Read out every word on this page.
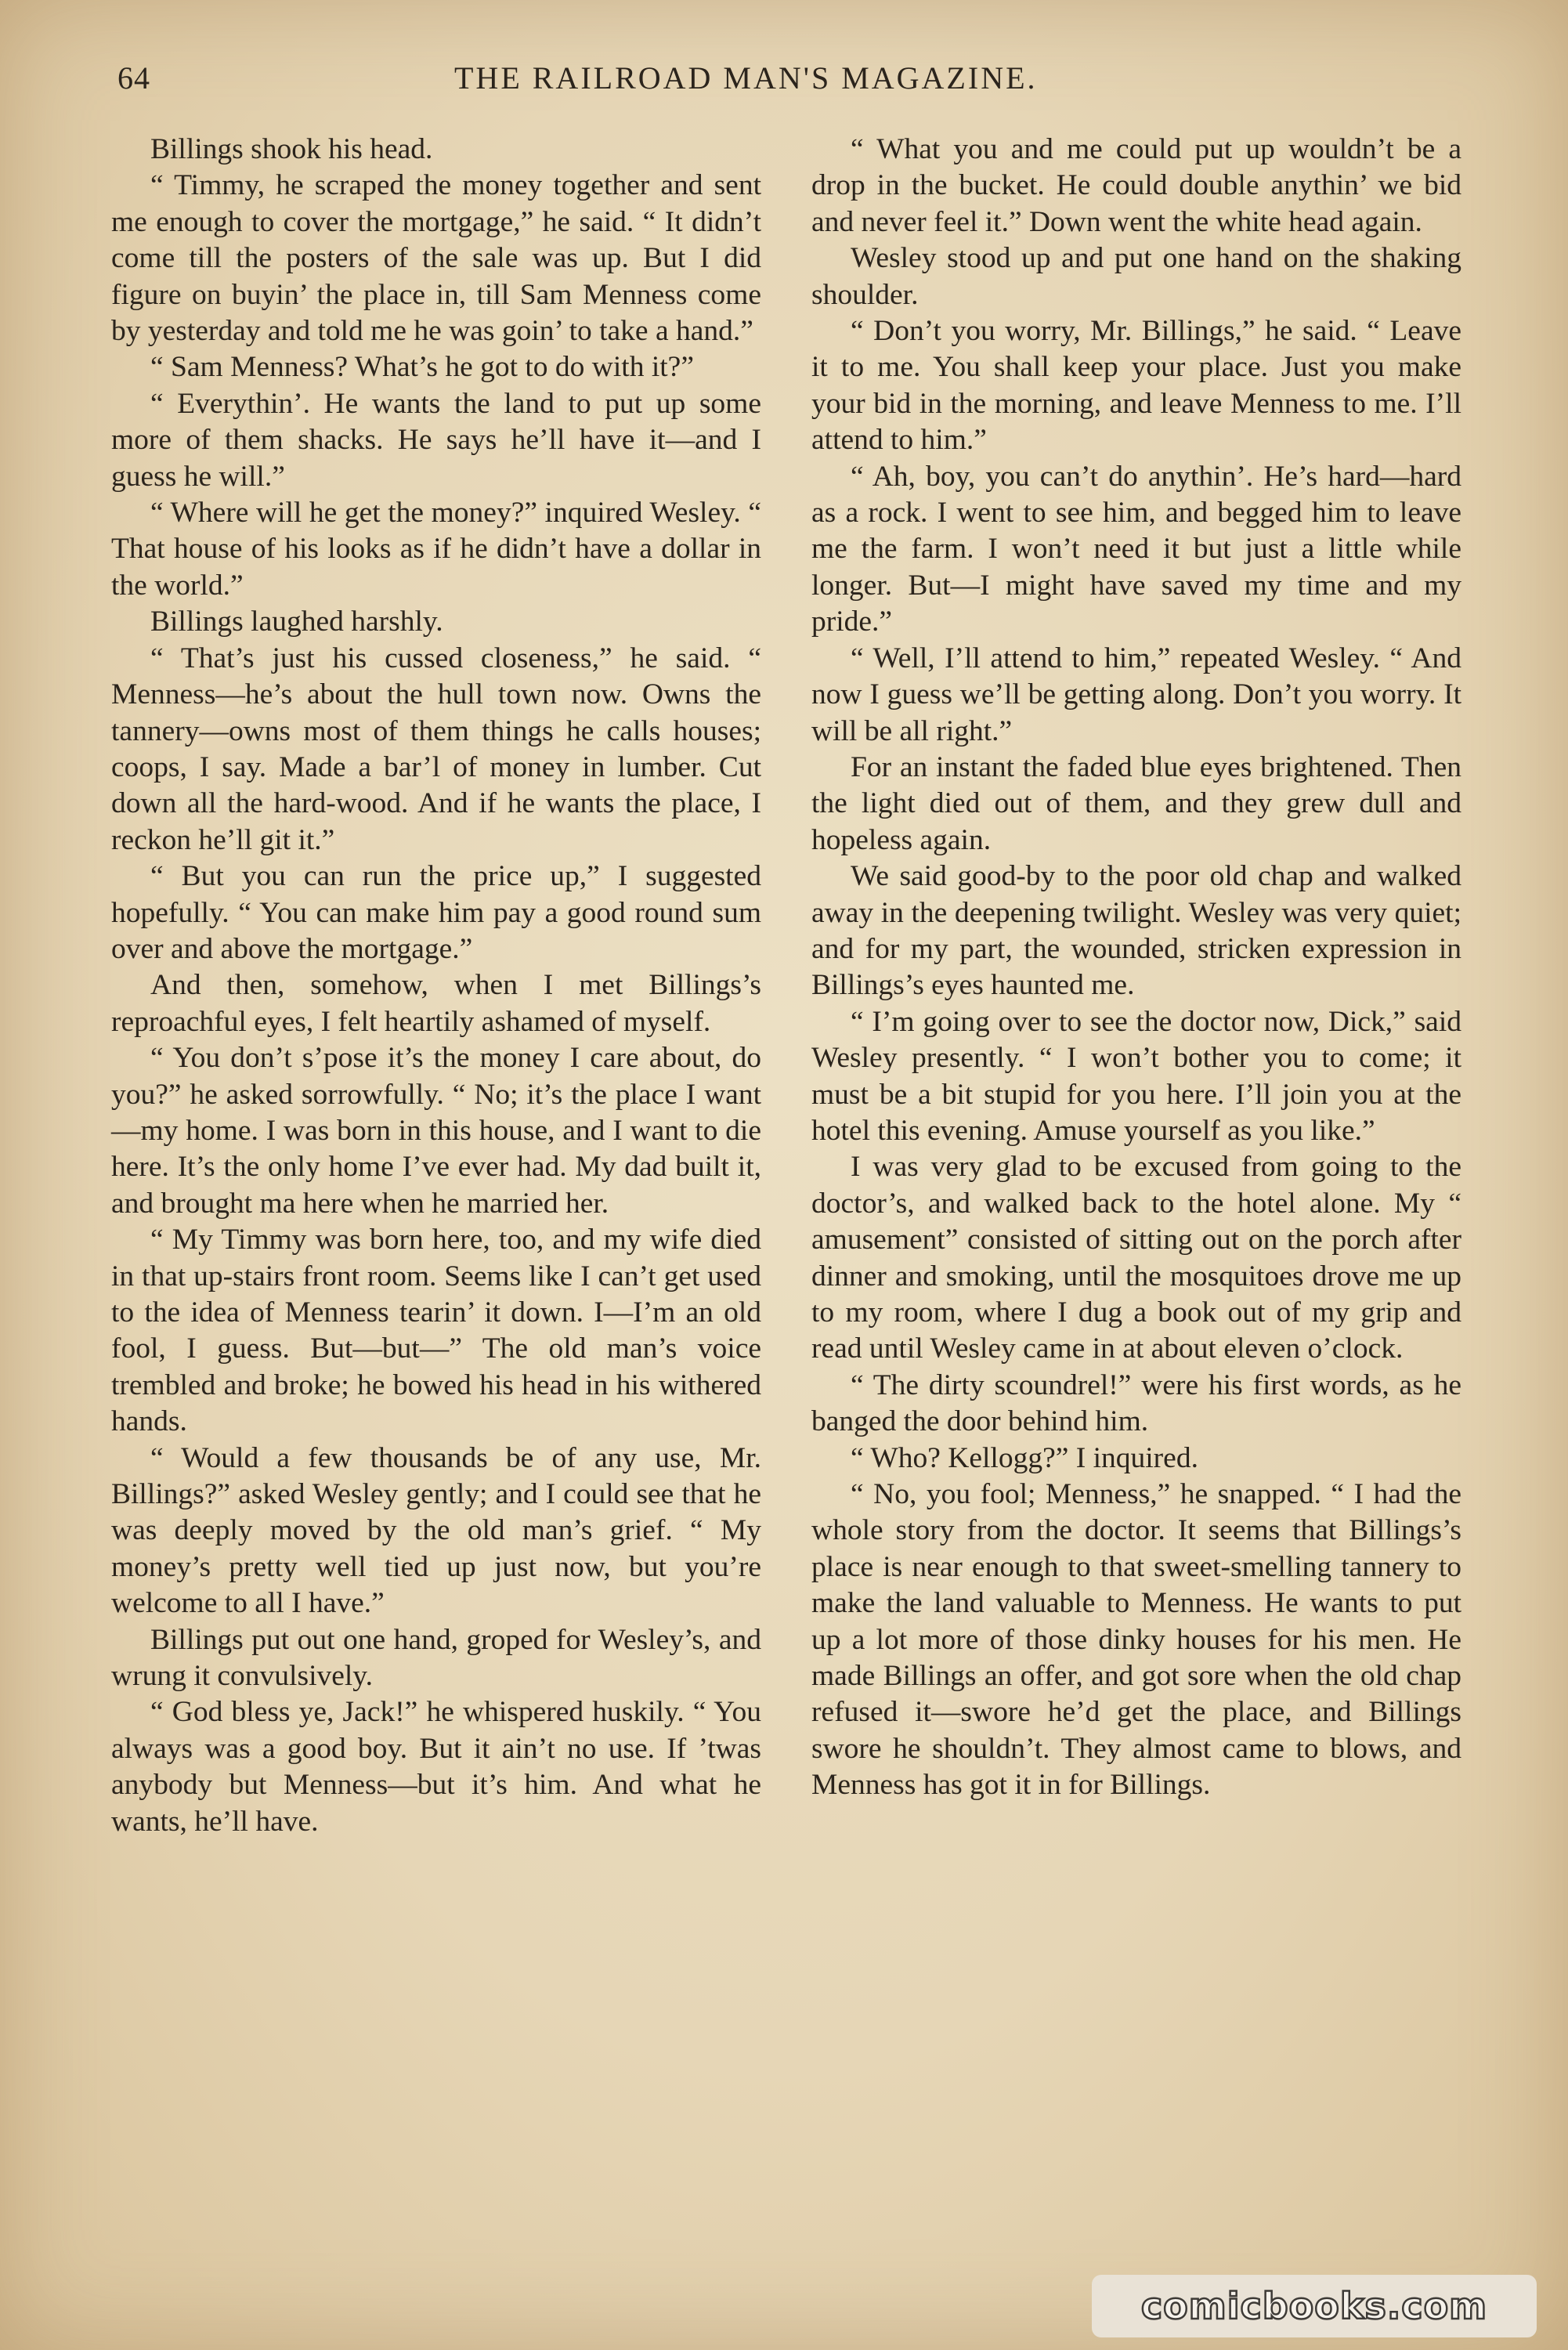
64	THE RAILROAD MAN'S MAGAZINE.

Billings shook his head.

“ Timmy, he scraped the money together and sent me enough to cover the mortgage,” he said. “ It didn’t come till the posters of the sale was up. But I did figure on buyin’ the place in, till Sam Menness come by yesterday and told me he was goin’ to take a hand.”

“ Sam Menness? What’s he got to do with it?”

“ Everythin’. He wants the land to put up some more of them shacks. He says he’ll have it—and I guess he will.”

“ Where will he get the money?” inquired Wesley. “ That house of his looks as if he didn’t have a dollar in the world.”

Billings laughed harshly.

“ That’s just his cussed closeness,” he said. “ Menness—he’s about the hull town now. Owns the tannery—owns most of them things he calls houses; coops, I say. Made a bar’l of money in lumber. Cut down all the hard-wood. And if he wants the place, I reckon he’ll git it.”

“ But you can run the price up,” I suggested hopefully. “ You can make him pay a good round sum over and above the mortgage.”

And then, somehow, when I met Billings’s reproachful eyes, I felt heartily ashamed of myself.

“ You don’t s’pose it’s the money I care about, do you?” he asked sorrowfully. “ No; it’s the place I want—my home. I was born in this house, and I want to die here. It’s the only home I’ve ever had. My dad built it, and brought ma here when he married her.

“ My Timmy was born here, too, and my wife died in that up-stairs front room. Seems like I can’t get used to the idea of Menness tearin’ it down. I—I’m an old fool, I guess. But—but—” The old man’s voice trembled and broke; he bowed his head in his withered hands.

“ Would a few thousands be of any use, Mr. Billings?” asked Wesley gently; and I could see that he was deeply moved by the old man’s grief. “ My money’s pretty well tied up just now, but you’re welcome to all I have.”

Billings put out one hand, groped for Wesley’s, and wrung it convulsively.

“ God bless ye, Jack!” he whispered huskily. “ You always was a good boy. But it ain’t no use. If ’twas anybody but Menness—but it’s him. And what he wants, he’ll have.

“ What you and me could put up wouldn’t be a drop in the bucket. He could double anythin’ we bid and never feel it.” Down went the white head again.

Wesley stood up and put one hand on the shaking shoulder.

“ Don’t you worry, Mr. Billings,” he said. “ Leave it to me. You shall keep your place. Just you make your bid in the morning, and leave Menness to me. I’ll attend to him.”

“ Ah, boy, you can’t do anythin’. He’s hard—hard as a rock. I went to see him, and begged him to leave me the farm. I won’t need it but just a little while longer. But—I might have saved my time and my pride.”

“ Well, I’ll attend to him,” repeated Wesley. “ And now I guess we’ll be getting along. Don’t you worry. It will be all right.”

For an instant the faded blue eyes brightened. Then the light died out of them, and they grew dull and hopeless again.

We said good-by to the poor old chap and walked away in the deepening twilight. Wesley was very quiet; and for my part, the wounded, stricken expression in Billings’s eyes haunted me.

“ I’m going over to see the doctor now, Dick,” said Wesley presently. “ I won’t bother you to come; it must be a bit stupid for you here. I’ll join you at the hotel this evening. Amuse yourself as you like.”

I was very glad to be excused from going to the doctor’s, and walked back to the hotel alone. My “ amusement” consisted of sitting out on the porch after dinner and smoking, until the mosquitoes drove me up to my room, where I dug a book out of my grip and read until Wesley came in at about eleven o’clock.

“ The dirty scoundrel!” were his first words, as he banged the door behind him.

“ Who? Kellogg?” I inquired.

“ No, you fool; Menness,” he snapped. “ I had the whole story from the doctor. It seems that Billings’s place is near enough to that sweet-smelling tannery to make the land valuable to Menness. He wants to put up a lot more of those dinky houses for his men. He made Billings an offer, and got sore when the old chap refused it—swore he’d get the place, and Billings swore he shouldn’t. They almost came to blows, and Menness has got it in for Billings.

comicbooks.com
